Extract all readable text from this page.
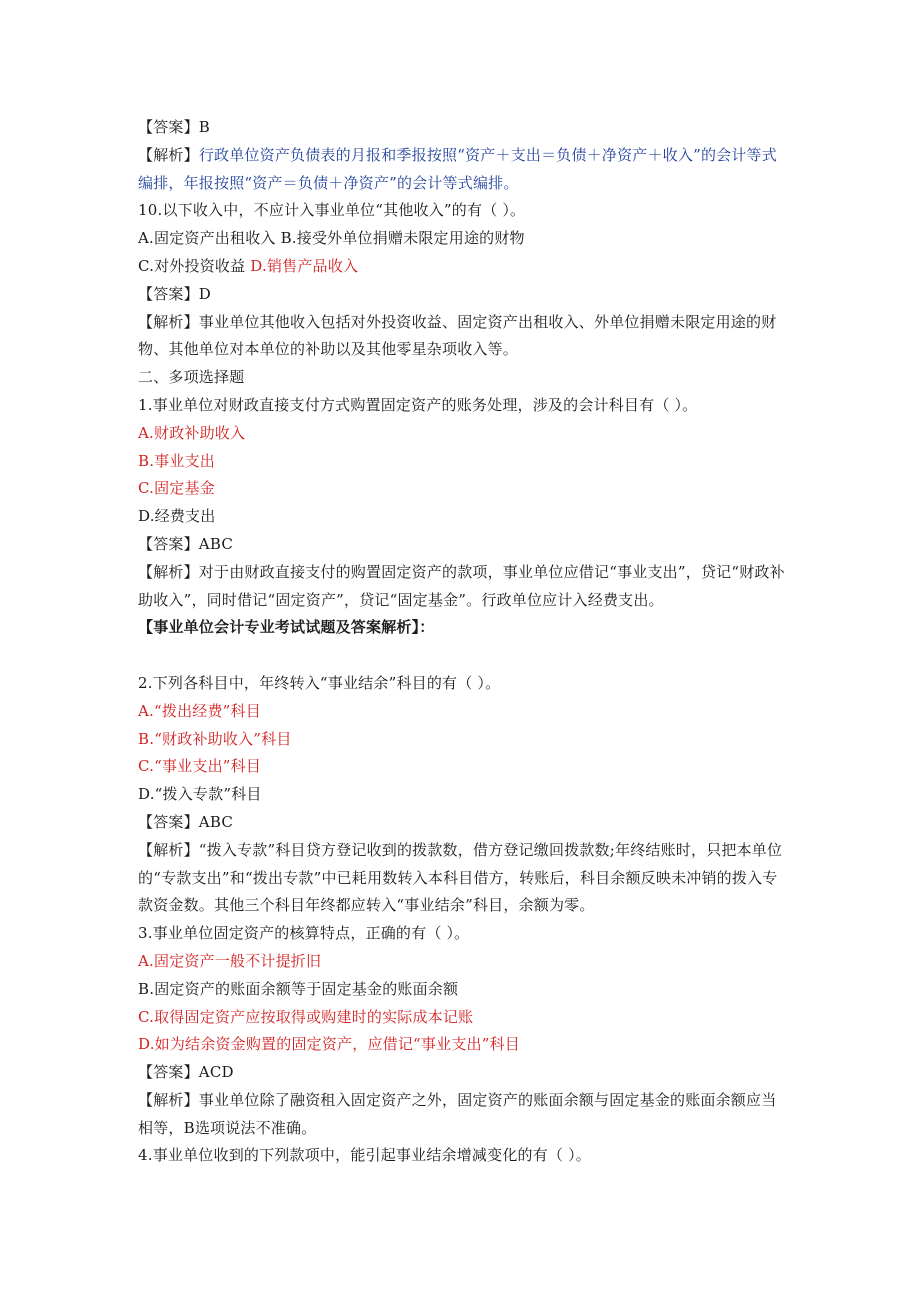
【答案】B
【解析】行政单位资产负债表的月报和季报按照“资产＋支出＝负债＋净资产＋收入”的会计等式编排，年报按照“资产＝负债＋净资产”的会计等式编排。
10.以下收入中，不应计入事业单位“其他收入”的有（ ）。
A.固定资产出租收入 B.接受外单位捐赠未限定用途的财物
C.对外投资收益 D.销售产品收入
【答案】D
【解析】事业单位其他收入包括对外投资收益、固定资产出租收入、外单位捐赠未限定用途的财物、其他单位对本单位的补助以及其他零星杂项收入等。
二、多项选择题
1.事业单位对财政直接支付方式购置固定资产的账务处理，涉及的会计科目有（ ）。
A.财政补助收入
B.事业支出
C.固定基金
D.经费支出
【答案】ABC
【解析】对于由财政直接支付的购置固定资产的款项，事业单位应借记“事业支出”，贷记“财政补助收入”，同时借记“固定资产”，贷记“固定基金”。行政单位应计入经费支出。
【事业单位会计专业考试试题及答案解析】：
2.下列各科目中，年终转入“事业结余”科目的有（ ）。
A.“拨出经费”科目
B.“财政补助收入”科目
C.“事业支出”科目
D.“拨入专款”科目
【答案】ABC
【解析】“拨入专款”科目贷方登记收到的拨款数，借方登记缴回拨款数;年终结账时，只把本单位的“专款支出”和“拨出专款”中已耗用数转入本科目借方，转账后，科目余额反映未冲销的拨入专款资金数。其他三个科目年终都应转入“事业结余”科目，余额为零。
3.事业单位固定资产的核算特点，正确的有（ ）。
A.固定资产一般不计提折旧
B.固定资产的账面余额等于固定基金的账面余额
C.取得固定资产应按取得或购建时的实际成本记账
D.如为结余资金购置的固定资产，应借记“事业支出”科目
【答案】ACD
【解析】事业单位除了融资租入固定资产之外，固定资产的账面余额与固定基金的账面余额应当相等，B选项说法不准确。
4.事业单位收到的下列款项中，能引起事业结余增减变化的有（ ）。
